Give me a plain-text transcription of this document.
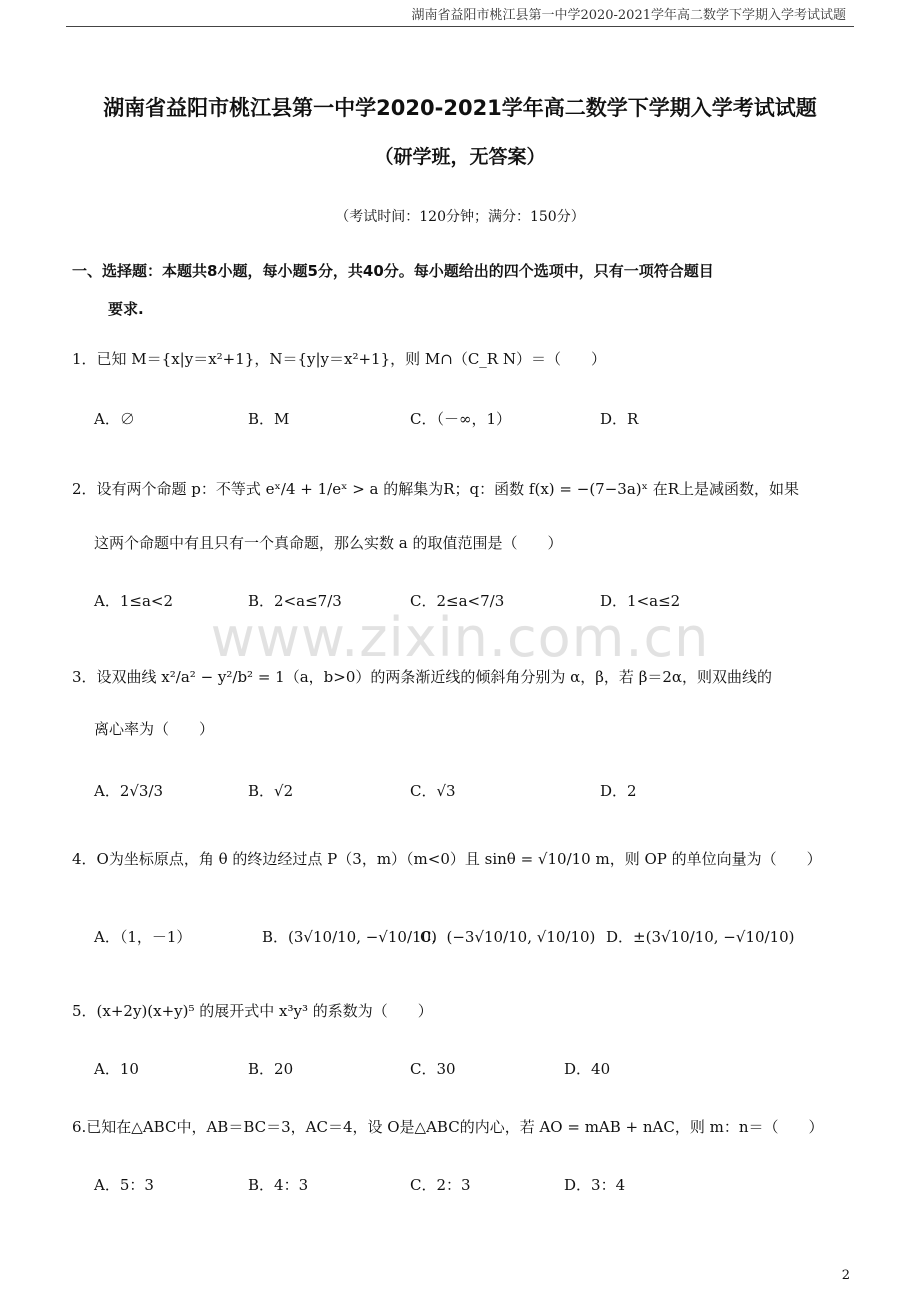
湖南省益阳市桃江县第一中学2020-2021学年高二数学下学期入学考试试题
湖南省益阳市桃江县第一中学2020-2021学年高二数学下学期入学考试试题
（研学班，无答案）
（考试时间：120分钟；满分：150分）
一、选择题：本题共8小题，每小题5分，共40分。每小题给出的四个选项中，只有一项符合题目
要求.
1．已知 M＝{x|y＝x²+1}，N＝{y|y＝x²+1}，则 M∩（C_R N）＝（　　）
A．∅	B．M	C．（－∞，1）	D．R
2．设有两个命题 p：不等式 eˣ/4 + 1/eˣ > a 的解集为R；q：函数 f(x) = −(7−3a)ˣ 在R上是减函数，如果
这两个命题中有且只有一个真命题，那么实数 a 的取值范围是（　　）
A．1≤a<2	B．2<a≤7/3	C．2≤a<7/3	D．1<a≤2
www.zixin.com.cn
3．设双曲线 x²/a² − y²/b² = 1（a，b>0）的两条渐近线的倾斜角分别为 α，β，若 β＝2α，则双曲线的
离心率为（　　）
A．2√3/3	B．√2	C．√3	D．2
4．O为坐标原点，角 θ 的终边经过点 P（3，m）（m<0）且 sinθ = √10/10 m，则 OP 的单位向量为（　　）
A．（1，－1）	B．(3√10/10, −√10/10)
C．(−3√10/10, √10/10) D．±(3√10/10, −√10/10)
5．(x+2y)(x+y)⁵ 的展开式中 x³y³ 的系数为（　　）
A．10	B．20	C．30	D．40
6.已知在△ABC中，AB＝BC＝3，AC＝4，设 O是△ABC的内心，若 AO = mAB + nAC，则 m：n＝（　　）
A．5：3	B．4：3	C．2：3	D．3：4
2
